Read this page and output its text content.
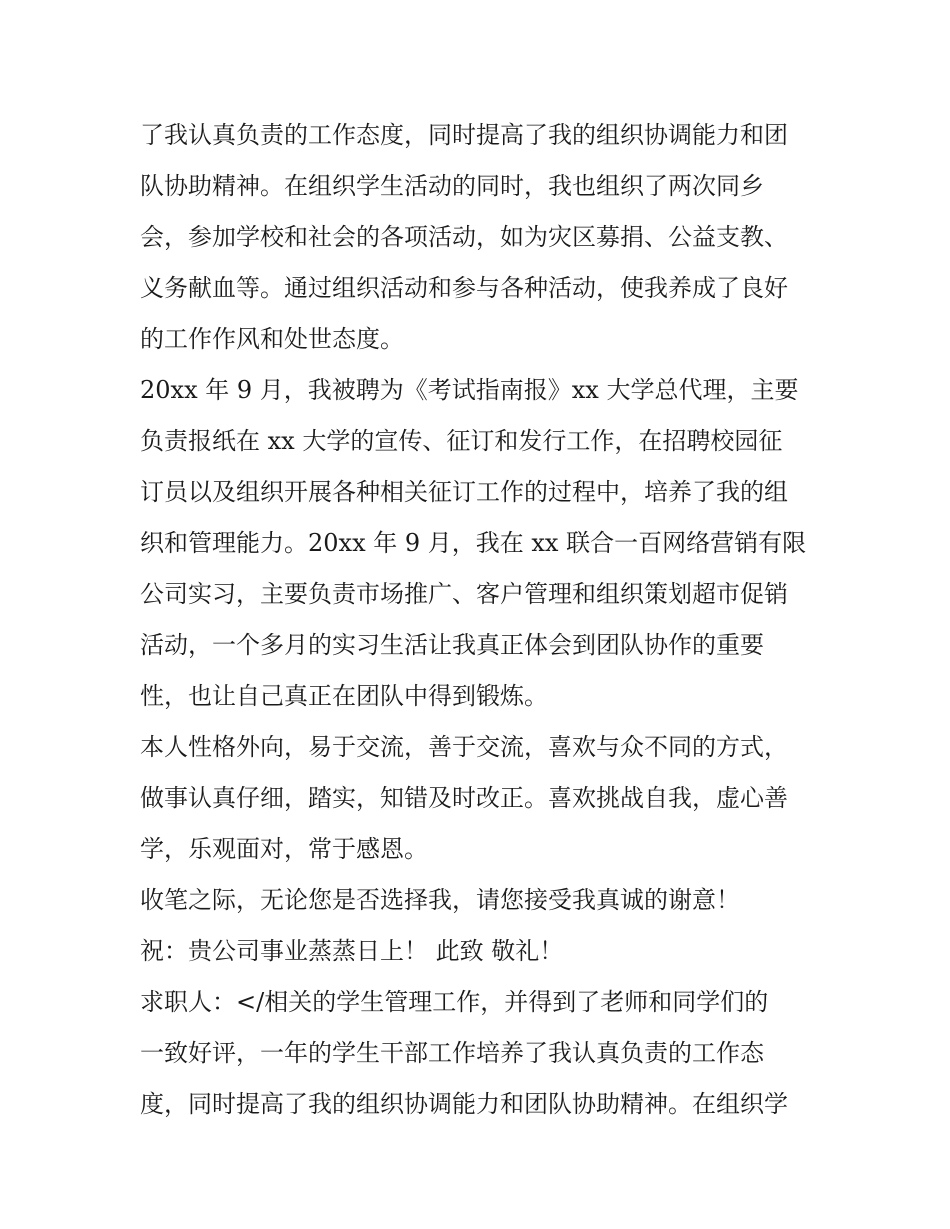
了我认真负责的工作态度，同时提高了我的组织协调能力和团
队协助精神。在组织学生活动的同时，我也组织了两次同乡
会，参加学校和社会的各项活动，如为灾区募捐、公益支教、
义务献血等。通过组织活动和参与各种活动，使我养成了良好
的工作作风和处世态度。
20xx 年 9 月，我被聘为《考试指南报》xx 大学总代理，主要
负责报纸在 xx 大学的宣传、征订和发行工作，在招聘校园征
订员以及组织开展各种相关征订工作的过程中，培养了我的组
织和管理能力。20xx 年 9 月，我在 xx 联合一百网络营销有限
公司实习，主要负责市场推广、客户管理和组织策划超市促销
活动，一个多月的实习生活让我真正体会到团队协作的重要
性，也让自己真正在团队中得到锻炼。
本人性格外向，易于交流，善于交流，喜欢与众不同的方式，
做事认真仔细，踏实，知错及时改正。喜欢挑战自我，虚心善
学，乐观面对，常于感恩。
收笔之际，无论您是否选择我，请您接受我真诚的谢意！
祝：贵公司事业蒸蒸日上！ 此致 敬礼！
求职人：</相关的学生管理工作，并得到了老师和同学们的
一致好评，一年的学生干部工作培养了我认真负责的工作态
度，同时提高了我的组织协调能力和团队协助精神。在组织学
